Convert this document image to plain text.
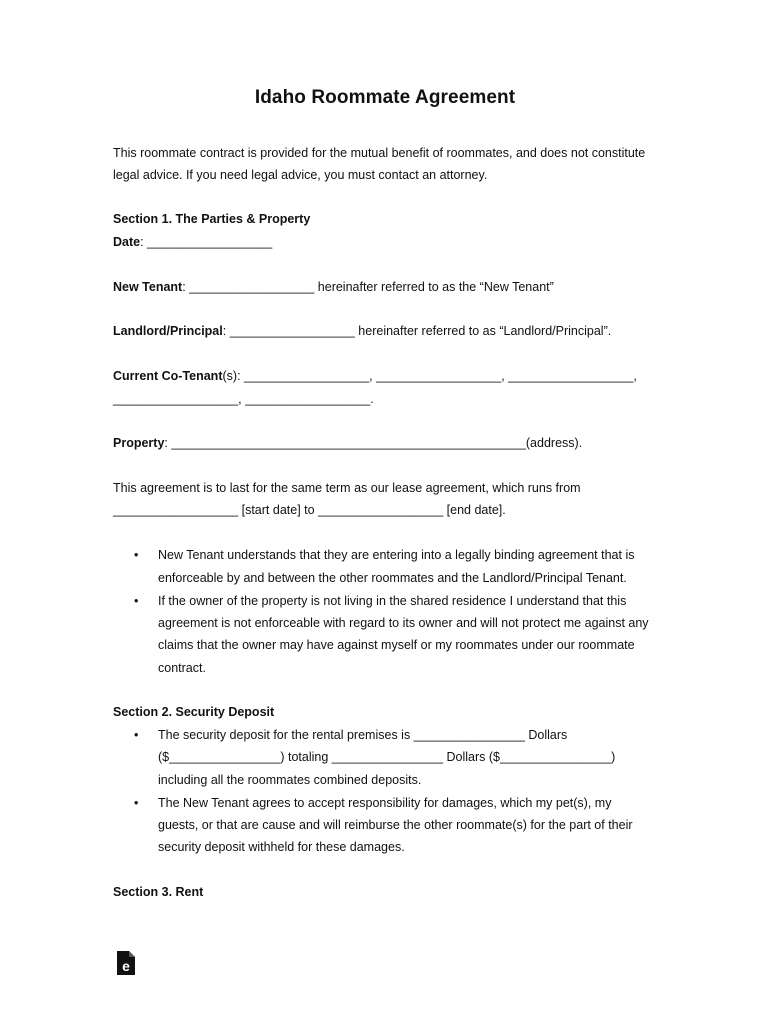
Idaho Roommate Agreement
This roommate contract is provided for the mutual benefit of roommates, and does not constitute
legal advice. If you need legal advice, you must contact an attorney.
Section 1. The Parties & Property
Date: __________________
New Tenant: __________________ hereinafter referred to as the “New Tenant”
Landlord/Principal: __________________ hereinafter referred to as “Landlord/Principal”.
Current Co-Tenant(s): __________________, __________________, __________________,
__________________, __________________.
Property: ___________________________________________________(address).
This agreement is to last for the same term as our lease agreement, which runs from
__________________ [start date] to __________________ [end date].
• New Tenant understands that they are entering into a legally binding agreement that is
enforceable by and between the other roommates and the Landlord/Principal Tenant.
• If the owner of the property is not living in the shared residence I understand that this
agreement is not enforceable with regard to its owner and will not protect me against any
claims that the owner may have against myself or my roommates under our roommate
contract.
Section 2. Security Deposit
• The security deposit for the rental premises is ________________ Dollars
($________________) totaling ________________ Dollars ($________________)
including all the roommates combined deposits.
• The New Tenant agrees to accept responsibility for damages, which my pet(s), my
guests, or that are cause and will reimburse the other roommate(s) for the part of their
security deposit withheld for these damages.
Section 3. Rent
e
